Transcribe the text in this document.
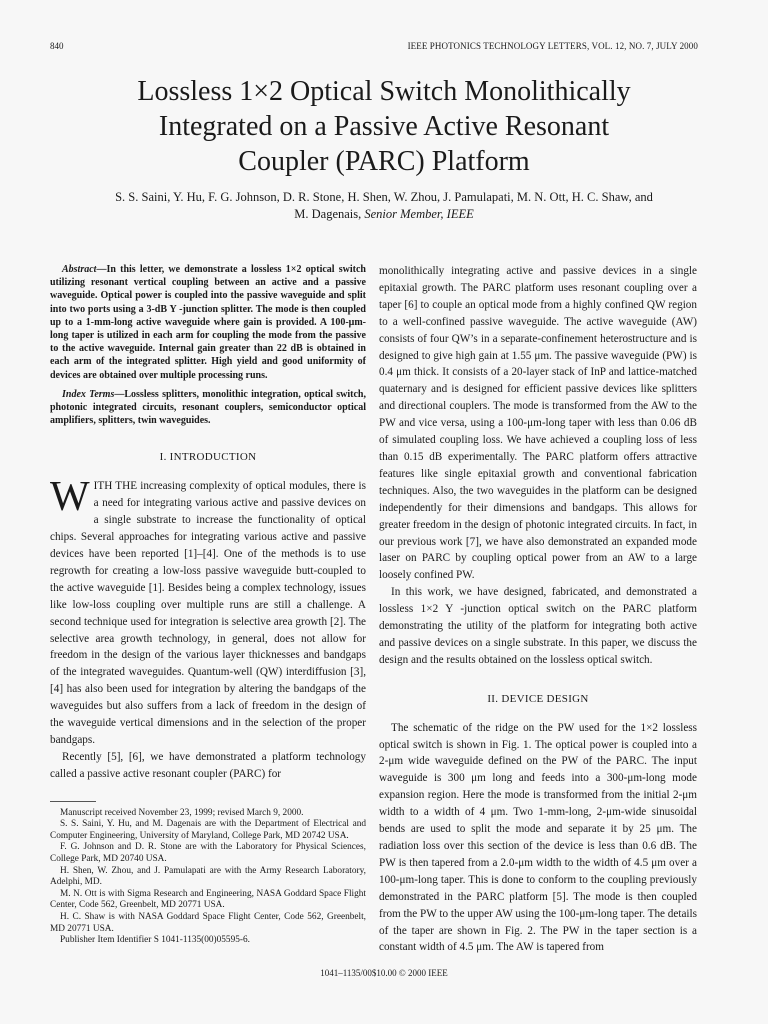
840	IEEE PHOTONICS TECHNOLOGY LETTERS, VOL. 12, NO. 7, JULY 2000
Lossless 1×2 Optical Switch Monolithically
Integrated on a Passive Active Resonant
Coupler (PARC) Platform
S. S. Saini, Y. Hu, F. G. Johnson, D. R. Stone, H. Shen, W. Zhou, J. Pamulapati, M. N. Ott, H. C. Shaw, and
M. Dagenais, Senior Member, IEEE

Abstract—In this letter, we demonstrate a lossless 1×2 optical switch utilizing resonant vertical coupling between an active and a passive waveguide. Optical power is coupled into the passive waveguide and split into two ports using a 3-dB Y -junction splitter. The mode is then coupled up to a 1-mm-long active waveguide where gain is provided. A 100-μm-long taper is utilized in each arm for coupling the mode from the passive to the active waveguide. Internal gain greater than 22 dB is obtained in each arm of the integrated splitter. High yield and good uniformity of devices are obtained over multiple processing runs.

Index Terms—Lossless splitters, monolithic integration, optical switch, photonic integrated circuits, resonant couplers, semiconductor optical amplifiers, splitters, twin waveguides.

I. INTRODUCTION

WITH THE increasing complexity of optical modules, there is a need for integrating various active and passive devices on a single substrate to increase the functionality of optical chips. Several approaches for integrating various active and passive devices have been reported [1]–[4]. One of the methods is to use regrowth for creating a low-loss passive waveguide butt-coupled to the active waveguide [1]. Besides being a complex technology, issues like low-loss coupling over multiple runs are still a challenge. A second technique used for integration is selective area growth [2]. The selective area growth technology, in general, does not allow for freedom in the design of the various layer thicknesses and bandgaps of the integrated waveguides. Quantum-well (QW) interdiffusion [3], [4] has also been used for integration by altering the bandgaps of the waveguides but also suffers from a lack of freedom in the design of the waveguide vertical dimensions and in the selection of the proper bandgaps.

Recently [5], [6], we have demonstrated a platform technology called a passive active resonant coupler (PARC) for

Manuscript received November 23, 1999; revised March 9, 2000.

S. S. Saini, Y. Hu, and M. Dagenais are with the Department of Electrical and Computer Engineering, University of Maryland, College Park, MD 20742 USA.

F. G. Johnson and D. R. Stone are with the Laboratory for Physical Sciences, College Park, MD 20740 USA.

H. Shen, W. Zhou, and J. Pamulapati are with the Army Research Laboratory, Adelphi, MD.

M. N. Ott is with Sigma Research and Engineering, NASA Goddard Space Flight Center, Code 562, Greenbelt, MD 20771 USA.

H. C. Shaw is with NASA Goddard Space Flight Center, Code 562, Greenbelt, MD 20771 USA.

Publisher Item Identifier S 1041-1135(00)05595-6.

monolithically integrating active and passive devices in a single epitaxial growth. The PARC platform uses resonant coupling over a taper [6] to couple an optical mode from a highly confined QW region to a well-confined passive waveguide. The active waveguide (AW) consists of four QW’s in a separate-confinement heterostructure and is designed to give high gain at 1.55 μm. The passive waveguide (PW) is 0.4 μm thick. It consists of a 20-layer stack of InP and lattice-matched quaternary and is designed for efficient passive devices like splitters and directional couplers. The mode is transformed from the AW to the PW and vice versa, using a 100-μm-long taper with less than 0.06 dB of simulated coupling loss. We have achieved a coupling loss of less than 0.15 dB experimentally. The PARC platform offers attractive features like single epitaxial growth and conventional fabrication techniques. Also, the two waveguides in the platform can be designed independently for their dimensions and bandgaps. This allows for greater freedom in the design of photonic integrated circuits. In fact, in our previous work [7], we have also demonstrated an expanded mode laser on PARC by coupling optical power from an AW to a large loosely confined PW.

In this work, we have designed, fabricated, and demonstrated a lossless 1×2 Y -junction optical switch on the PARC platform demonstrating the utility of the platform for integrating both active and passive devices on a single substrate. In this paper, we discuss the design and the results obtained on the lossless optical switch.

II. DEVICE DESIGN

The schematic of the ridge on the PW used for the 1×2 lossless optical switch is shown in Fig. 1. The optical power is coupled into a 2-μm wide waveguide defined on the PW of the PARC. The input waveguide is 300 μm long and feeds into a 300-μm-long mode expansion region. Here the mode is transformed from the initial 2-μm width to a width of 4 μm. Two 1-mm-long, 2-μm-wide sinusoidal bends are used to split the mode and separate it by 25 μm. The radiation loss over this section of the device is less than 0.6 dB. The PW is then tapered from a 2.0-μm width to the width of 4.5 μm over a 100-μm-long taper. This is done to conform to the coupling previously demonstrated in the PARC platform [5]. The mode is then coupled from the PW to the upper AW using the 100-μm-long taper. The details of the taper are shown in Fig. 2. The PW in the taper section is a constant width of 4.5 μm. The AW is tapered from

1041–1135/00$10.00 © 2000 IEEE
